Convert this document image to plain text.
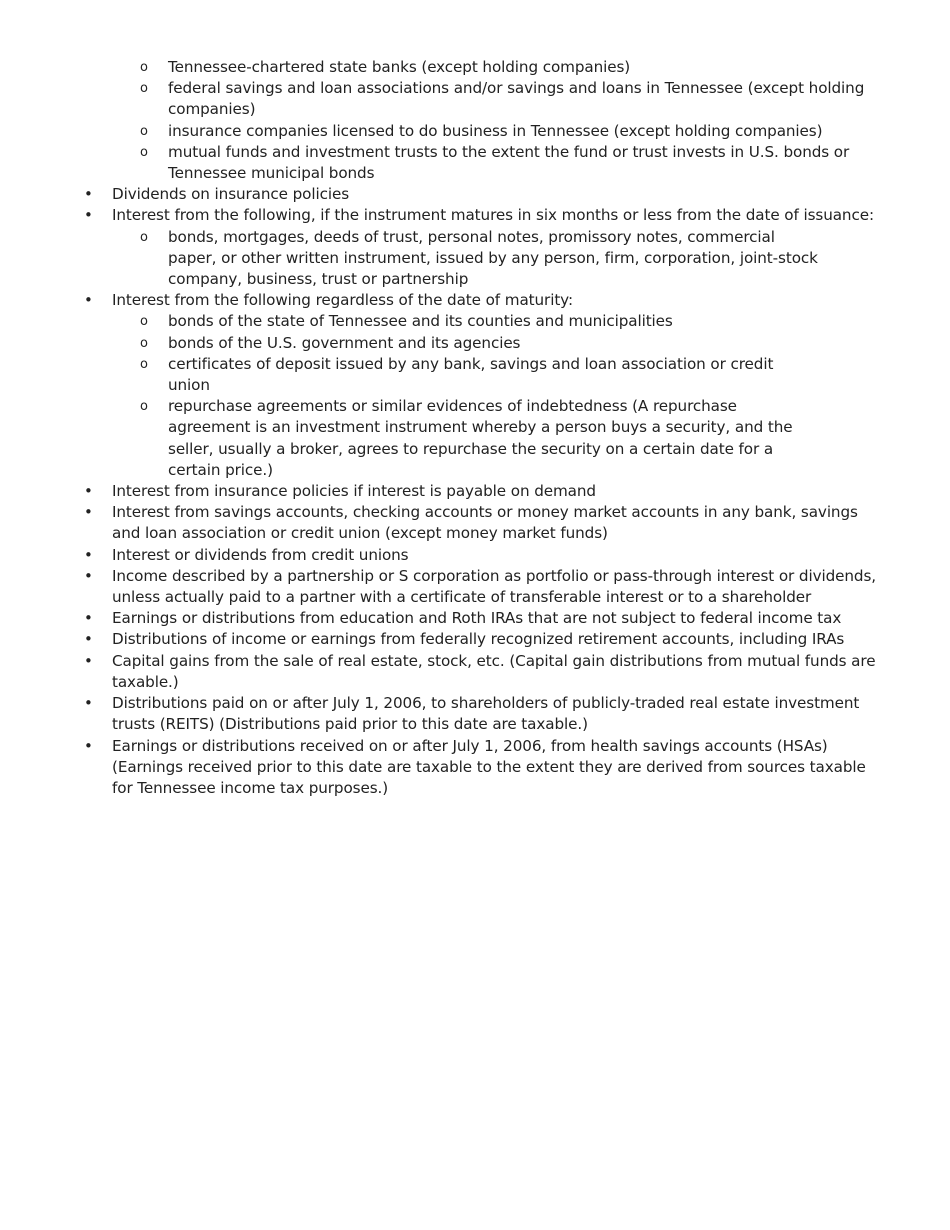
o Tennessee-chartered state banks (except holding companies)
o federal savings and loan associations and/or savings and loans in Tennessee (except holding companies)
o insurance companies licensed to do business in Tennessee (except holding companies)
o mutual funds and investment trusts to the extent the fund or trust invests in U.S. bonds or Tennessee municipal bonds
• Dividends on insurance policies
• Interest from the following, if the instrument matures in six months or less from the date of issuance:
o bonds, mortgages, deeds of trust, personal notes, promissory notes, commercial paper, or other written instrument, issued by any person, firm, corporation, joint-stock company, business, trust or partnership
• Interest from the following regardless of the date of maturity:
o bonds of the state of Tennessee and its counties and municipalities
o bonds of the U.S. government and its agencies
o certificates of deposit issued by any bank, savings and loan association or credit union
o repurchase agreements or similar evidences of indebtedness (A repurchase agreement is an investment instrument whereby a person buys a security, and the seller, usually a broker, agrees to repurchase the security on a certain date for a certain price.)
• Interest from insurance policies if interest is payable on demand
• Interest from savings accounts, checking accounts or money market accounts in any bank, savings and loan association or credit union (except money market funds)
• Interest or dividends from credit unions
• Income described by a partnership or S corporation as portfolio or pass-through interest or dividends, unless actually paid to a partner with a certificate of transferable interest or to a shareholder
• Earnings or distributions from education and Roth IRAs that are not subject to federal income tax
• Distributions of income or earnings from federally recognized retirement accounts, including IRAs
• Capital gains from the sale of real estate, stock, etc. (Capital gain distributions from mutual funds are taxable.)
• Distributions paid on or after July 1, 2006, to shareholders of publicly-traded real estate investment trusts (REITS) (Distributions paid prior to this date are taxable.)
• Earnings or distributions received on or after July 1, 2006, from health savings accounts (HSAs) (Earnings received prior to this date are taxable to the extent they are derived from sources taxable for Tennessee income tax purposes.)
